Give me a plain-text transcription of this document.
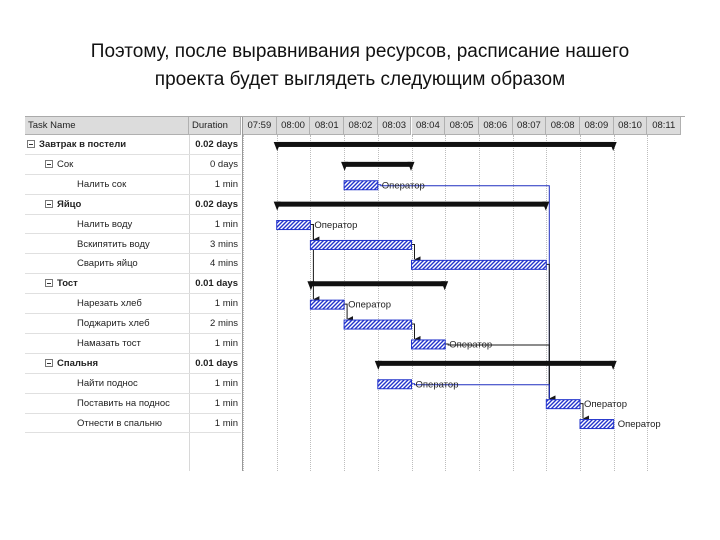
Поэтому, после выравнивания ресурсов, расписание нашего
проекта будет выглядеть следующим образом
Task Name	Duration
Завтрак в постели	0.02 days
Сок	0 days
Налить сок	1 min
Яйцо	0.02 days
Налить воду	1 min
Вскипятить воду	3 mins
Сварить яйцо	4 mins
Тост	0.01 days
Нарезать хлеб	1 min
Поджарить хлеб	2 mins
Намазать тост	1 min
Спальня	0.01 days
Найти поднос	1 min
Поставить на поднос	1 min
Отнести в спальню	1 min
08:11
08:10
08:09
08:08
08:07
08:06
08:05
08:04
08:03
08:02
08:01
08:00
07:59
Оператор
Оператор
Оператор
Оператор
Оператор
Оператор
Оператор
